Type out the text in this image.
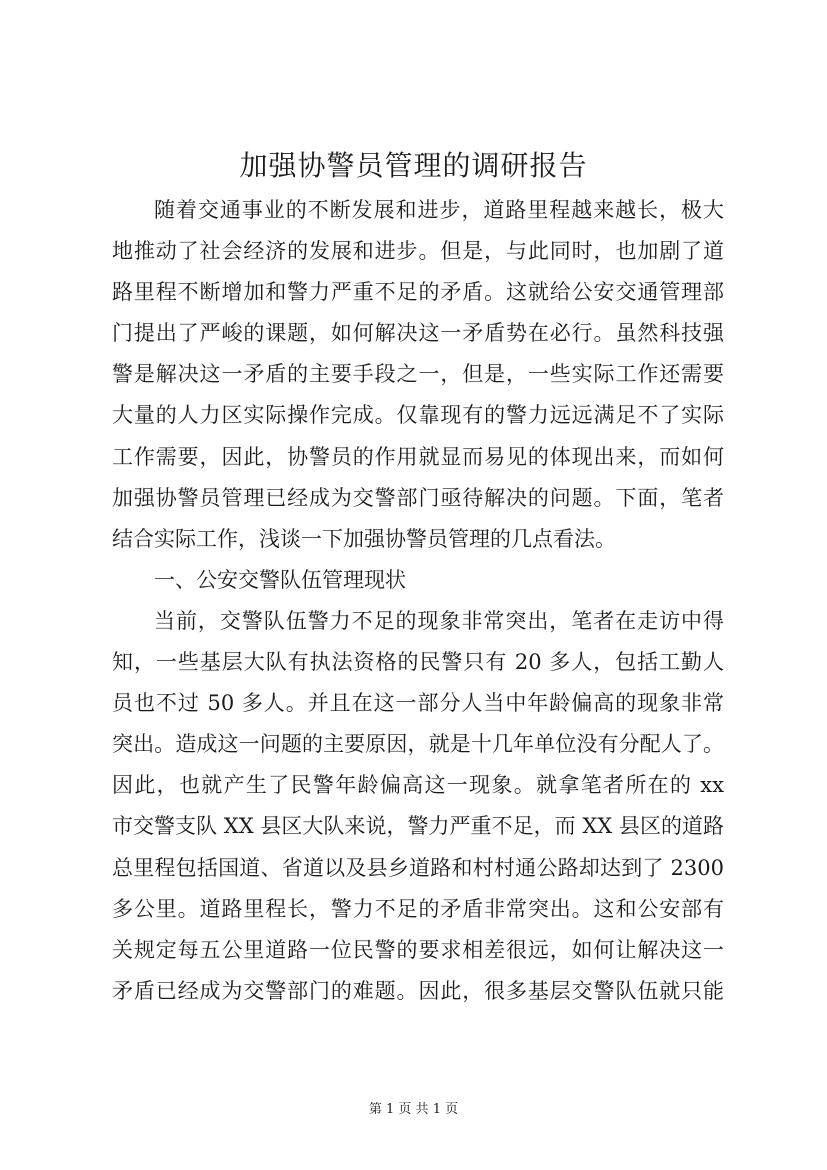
加强协警员管理的调研报告
随着交通事业的不断发展和进步，道路里程越来越长，极大
地推动了社会经济的发展和进步。但是，与此同时，也加剧了道
路里程不断增加和警力严重不足的矛盾。这就给公安交通管理部
门提出了严峻的课题，如何解决这一矛盾势在必行。虽然科技强
警是解决这一矛盾的主要手段之一，但是，一些实际工作还需要
大量的人力区实际操作完成。仅靠现有的警力远远满足不了实际
工作需要，因此，协警员的作用就显而易见的体现出来，而如何
加强协警员管理已经成为交警部门亟待解决的问题。下面，笔者
结合实际工作，浅谈一下加强协警员管理的几点看法。
一、公安交警队伍管理现状
当前，交警队伍警力不足的现象非常突出，笔者在走访中得
知，一些基层大队有执法资格的民警只有 20 多人，包括工勤人
员也不过 50 多人。并且在这一部分人当中年龄偏高的现象非常
突出。造成这一问题的主要原因，就是十几年单位没有分配人了。
因此，也就产生了民警年龄偏高这一现象。就拿笔者所在的 xx
市交警支队 XX 县区大队来说，警力严重不足，而 XX 县区的道路
总里程包括国道、省道以及县乡道路和村村通公路却达到了 2300
多公里。道路里程长，警力不足的矛盾非常突出。这和公安部有
关规定每五公里道路一位民警的要求相差很远，如何让解决这一
矛盾已经成为交警部门的难题。因此，很多基层交警队伍就只能
第 1 页 共 1 页
